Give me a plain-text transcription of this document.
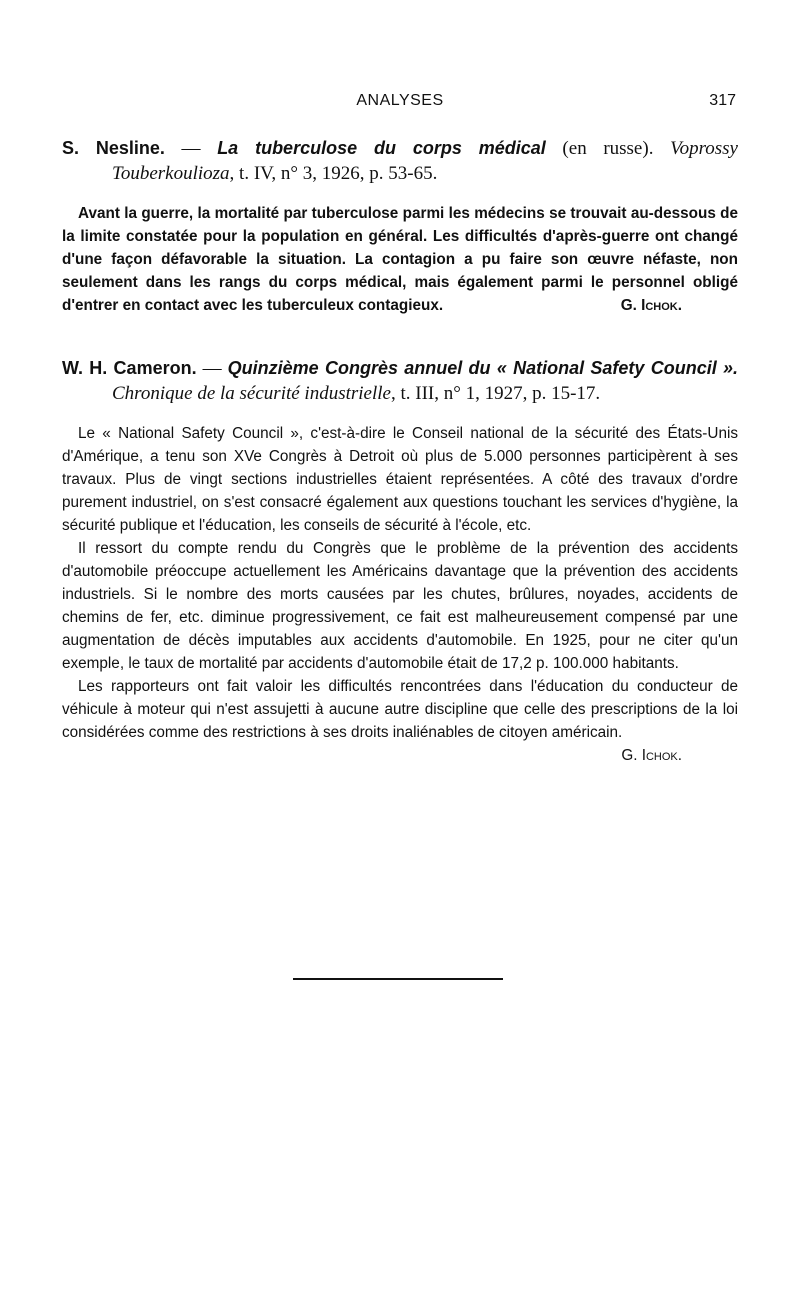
ANALYSES	317

S. Nesline. — La tuberculose du corps médical (en russe). Voprossy Touberkoulioza, t. IV, n° 3, 1926, p. 53-65.

Avant la guerre, la mortalité par tuberculose parmi les médecins se trouvait au-dessous de la limite constatée pour la population en général. Les difficultés d'après-guerre ont changé d'une façon défavorable la situation. La contagion a pu faire son œuvre néfaste, non seulement dans les rangs du corps médical, mais également parmi le personnel obligé d'entrer en contact avec les tuberculeux contagieux.	G. Ichok.

W. H. Cameron. — Quinzième Congrès annuel du « National Safety Council ». Chronique de la sécurité industrielle, t. III, n° 1, 1927, p. 15-17.

Le « National Safety Council », c'est-à-dire le Conseil national de la sécurité des États-Unis d'Amérique, a tenu son XVe Congrès à Detroit où plus de 5.000 personnes participèrent à ses travaux. Plus de vingt sections industrielles étaient représentées. A côté des travaux d'ordre purement industriel, on s'est consacré également aux questions touchant les services d'hygiène, la sécurité publique et l'éducation, les conseils de sécurité à l'école, etc.

Il ressort du compte rendu du Congrès que le problème de la prévention des accidents d'automobile préoccupe actuellement les Américains davantage que la prévention des accidents industriels. Si le nombre des morts causées par les chutes, brûlures, noyades, accidents de chemins de fer, etc. diminue progressivement, ce fait est malheureusement compensé par une augmentation de décès imputables aux accidents d'automobile. En 1925, pour ne citer qu'un exemple, le taux de mortalité par accidents d'automobile était de 17,2 p. 100.000 habitants.

Les rapporteurs ont fait valoir les difficultés rencontrées dans l'éducation du conducteur de véhicule à moteur qui n'est assujetti à aucune autre discipline que celle des prescriptions de la loi considérées comme des restrictions à ses droits inaliénables de citoyen américain.
G. Ichok.
